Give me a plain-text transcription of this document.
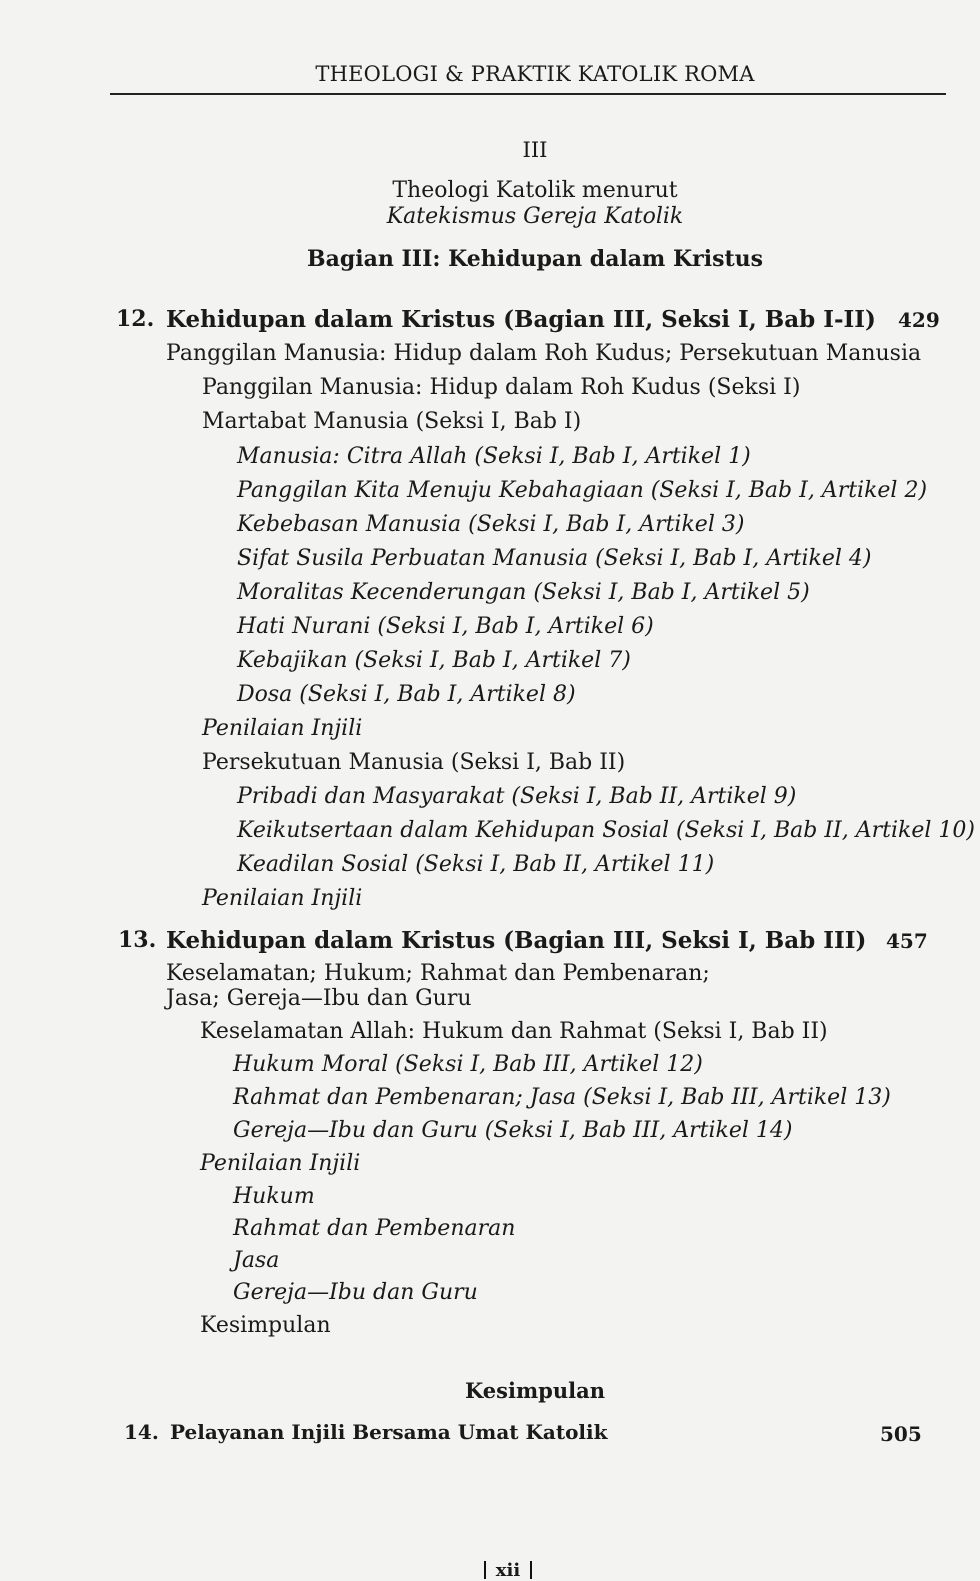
THEOLOGI & PRAKTIK KATOLIK ROMA
III
Theologi Katolik menurut
Katekismus Gereja Katolik
Bagian III: Kehidupan dalam Kristus
12. Kehidupan dalam Kristus (Bagian III, Seksi I, Bab I-II) 429
Panggilan Manusia: Hidup dalam Roh Kudus; Persekutuan Manusia
Panggilan Manusia: Hidup dalam Roh Kudus (Seksi I)
Martabat Manusia (Seksi I, Bab I)
Manusia: Citra Allah (Seksi I, Bab I, Artikel 1)
Panggilan Kita Menuju Kebahagiaan (Seksi I, Bab I, Artikel 2)
Kebebasan Manusia (Seksi I, Bab I, Artikel 3)
Sifat Susila Perbuatan Manusia (Seksi I, Bab I, Artikel 4)
Moralitas Kecenderungan (Seksi I, Bab I, Artikel 5)
Hati Nurani (Seksi I, Bab I, Artikel 6)
Kebajikan (Seksi I, Bab I, Artikel 7)
Dosa (Seksi I, Bab I, Artikel 8)
Penilaian Injili
Persekutuan Manusia (Seksi I, Bab II)
Pribadi dan Masyarakat (Seksi I, Bab II, Artikel 9)
Keikutsertaan dalam Kehidupan Sosial (Seksi I, Bab II, Artikel 10)
Keadilan Sosial (Seksi I, Bab II, Artikel 11)
Penilaian Injili
13. Kehidupan dalam Kristus (Bagian III, Seksi I, Bab III) 457
Keselamatan; Hukum; Rahmat dan Pembenaran;
Jasa; Gereja—Ibu dan Guru
Keselamatan Allah: Hukum dan Rahmat (Seksi I, Bab II)
Hukum Moral (Seksi I, Bab III, Artikel 12)
Rahmat dan Pembenaran; Jasa (Seksi I, Bab III, Artikel 13)
Gereja—Ibu dan Guru (Seksi I, Bab III, Artikel 14)
Penilaian Injili
Hukum
Rahmat dan Pembenaran
Jasa
Gereja—Ibu dan Guru
Kesimpulan
Kesimpulan
14. Pelayanan Injili Bersama Umat Katolik	505
xii
